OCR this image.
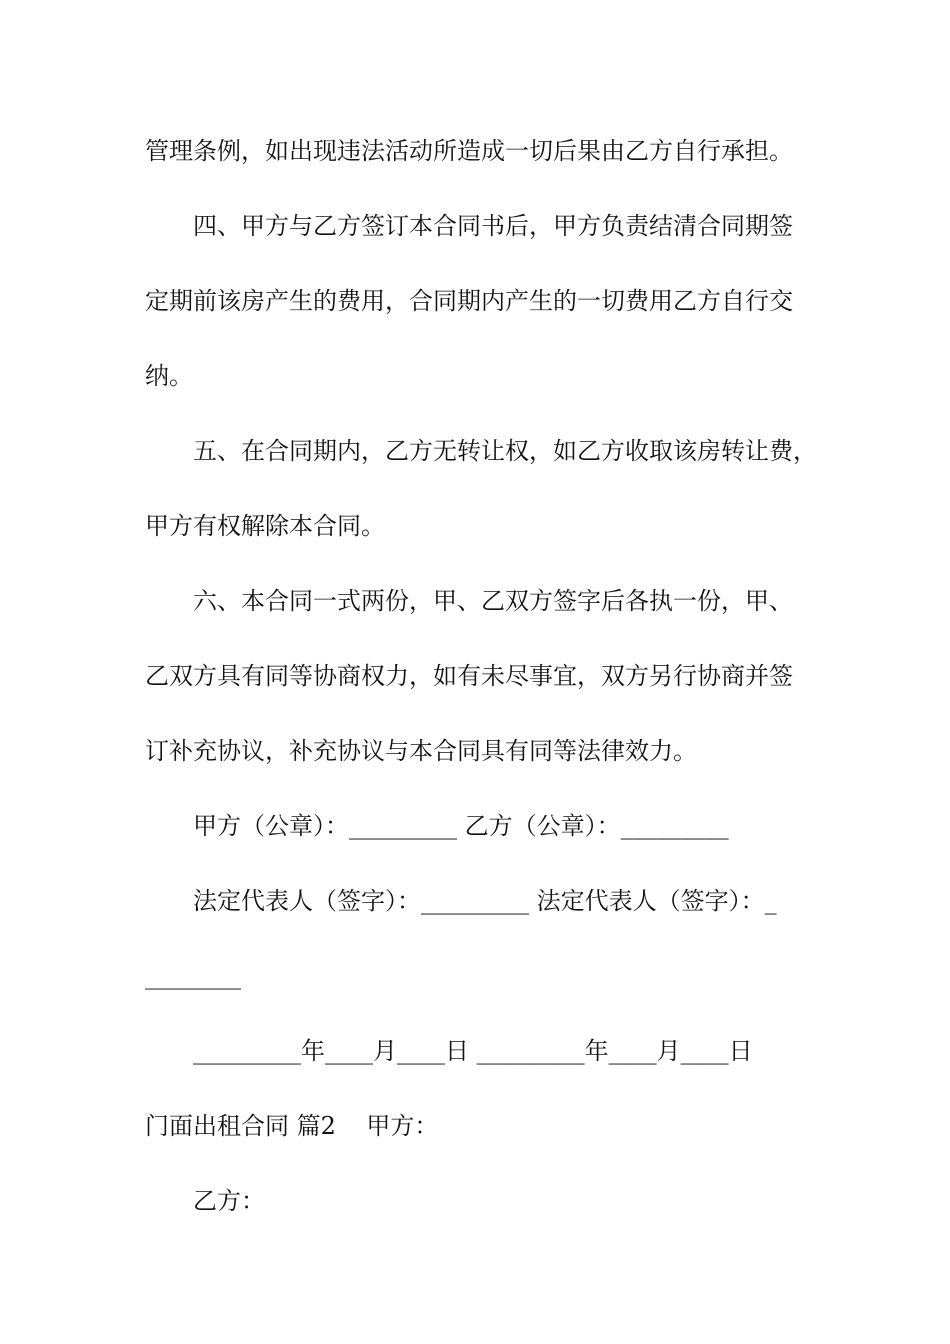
管理条例，如出现违法活动所造成一切后果由乙方自行承担。
四、甲方与乙方签订本合同书后，甲方负责结清合同期签
定期前该房产生的费用，合同期内产生的一切费用乙方自行交
纳。
五、在合同期内，乙方无转让权，如乙方收取该房转让费，
甲方有权解除本合同。
六、本合同一式两份，甲、乙双方签字后各执一份，甲、
乙双方具有同等协商权力，如有未尽事宜，双方另行协商并签
订补充协议，补充协议与本合同具有同等法律效力。
甲方（公章）：_________ 乙方（公章）：_________
法定代表人（签字）：_________ 法定代表人（签字）：_
________
_________年____月____日 _________年____月____日
门面出租合同 篇2    甲方：
乙方：
